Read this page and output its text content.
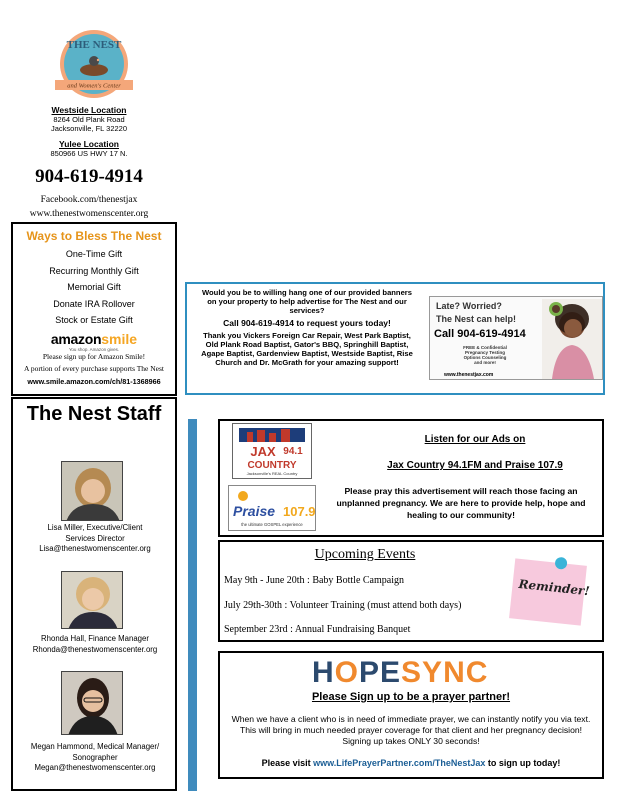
THE NEST
and Women's Center
Westside Location
8264 Old Plank Road
Jacksonville, FL 32220
Yulee Location
850966 US HWY 17 N.
904-619-4914
Facebook.com/thenestjax
www.thenestwomenscenter.org
Ways to Bless The Nest
One-Time Gift
Recurring Monthly Gift
Memorial Gift
Donate IRA Rollover
Stock or Estate Gift
amazonsmile
You shop. Amazon gives.
Please sign up for Amazon Smile!
A portion of every purchase supports The Nest
www.smile.amazon.com/ch/81-1368966
Would you be to willing hang one of our provided banners on your property to help advertise for The Nest and our services?
Call 904-619-4914 to request yours today!
Thank you Vickers Foreign Car Repair, West Park Baptist, Old Plank Road Baptist, Gator's BBQ, Springhill Baptist, Agape Baptist, Gardenview Baptist, Westside Baptist, Rise Church and Dr. McGrath for your amazing support!
Late? Worried?
The Nest can help!
Call 904-619-4914
FREE & Confidential
Pregnancy Testing
Options Counseling
and more!
www.thenestjax.com
The Nest Staff
Lisa Miller, Executive/Client
Services Director
Lisa@thenestwomenscenter.org
Rhonda Hall, Finance Manager
Rhonda@thenestwomenscenter.org
Megan Hammond, Medical Manager/
Sonographer
Megan@thenestwomenscenter.org
JAX 94.1
COUNTRY
Jacksonville's REAL Country
Praise 107.9
the ultimate GOSPEL experience
Listen for our Ads on
Jax Country 94.1FM and Praise 107.9
Please pray this advertisement will reach those facing an unplanned pregnancy. We are here to provide help, hope and healing to our community!
Upcoming Events
May 9th - June 20th : Baby Bottle Campaign
July 29th-30th : Volunteer Training (must attend both days)
September 23rd : Annual Fundraising Banquet
Reminder!
HOPESYNC
Please Sign up to be a prayer partner!
When we have a client who is in need of immediate prayer, we can instantly notify you via text. This will bring in much needed prayer coverage for that client and her pregnancy decision! Signing up takes ONLY 30 seconds!
Please visit www.LifePrayerPartner.com/TheNestJax to sign up today!
